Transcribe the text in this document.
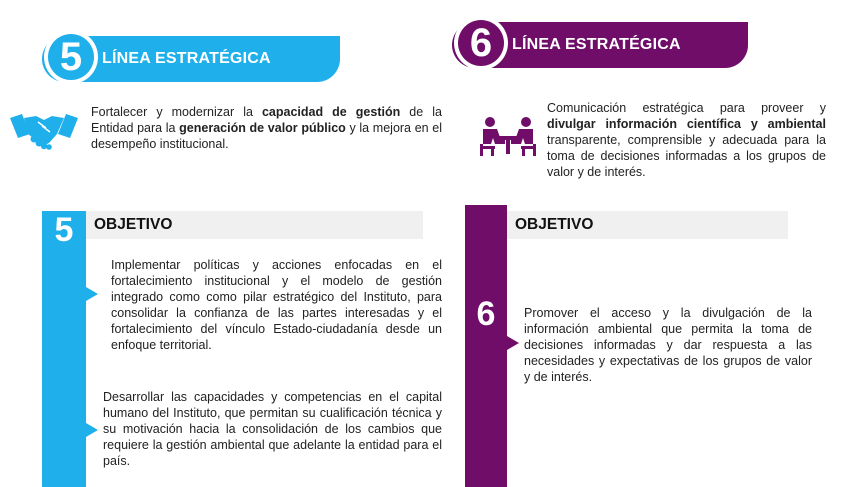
5	LÍNEA ESTRATÉGICA	6	LÍNEA ESTRATÉGICA
Fortalecer y modernizar la capacidad de gestión de la Entidad para la generación de valor público y la mejora en el desempeño institucional.
Comunicación estratégica para proveer y divulgar información científica y ambiental transparente, comprensible y adecuada para la toma de decisiones informadas a los grupos de valor y de interés.
5	OBJETIVO
Implementar políticas y acciones enfocadas en el fortalecimiento institucional y el modelo de gestión integrado como como pilar estratégico del Instituto, para consolidar la confianza de las partes interesadas y el fortalecimiento del vínculo Estado-ciudadanía desde un enfoque territorial.
Desarrollar las capacidades y competencias en el capital humano del Instituto, que permitan su cualificación técnica y su motivación hacia la consolidación de los cambios que requiere la gestión ambiental que adelante la entidad para el país.
6
OBJETIVO
Promover el acceso y la divulgación de la información ambiental que permita la toma de decisiones informadas y dar respuesta a las necesidades y expectativas de los grupos de valor y de interés.
